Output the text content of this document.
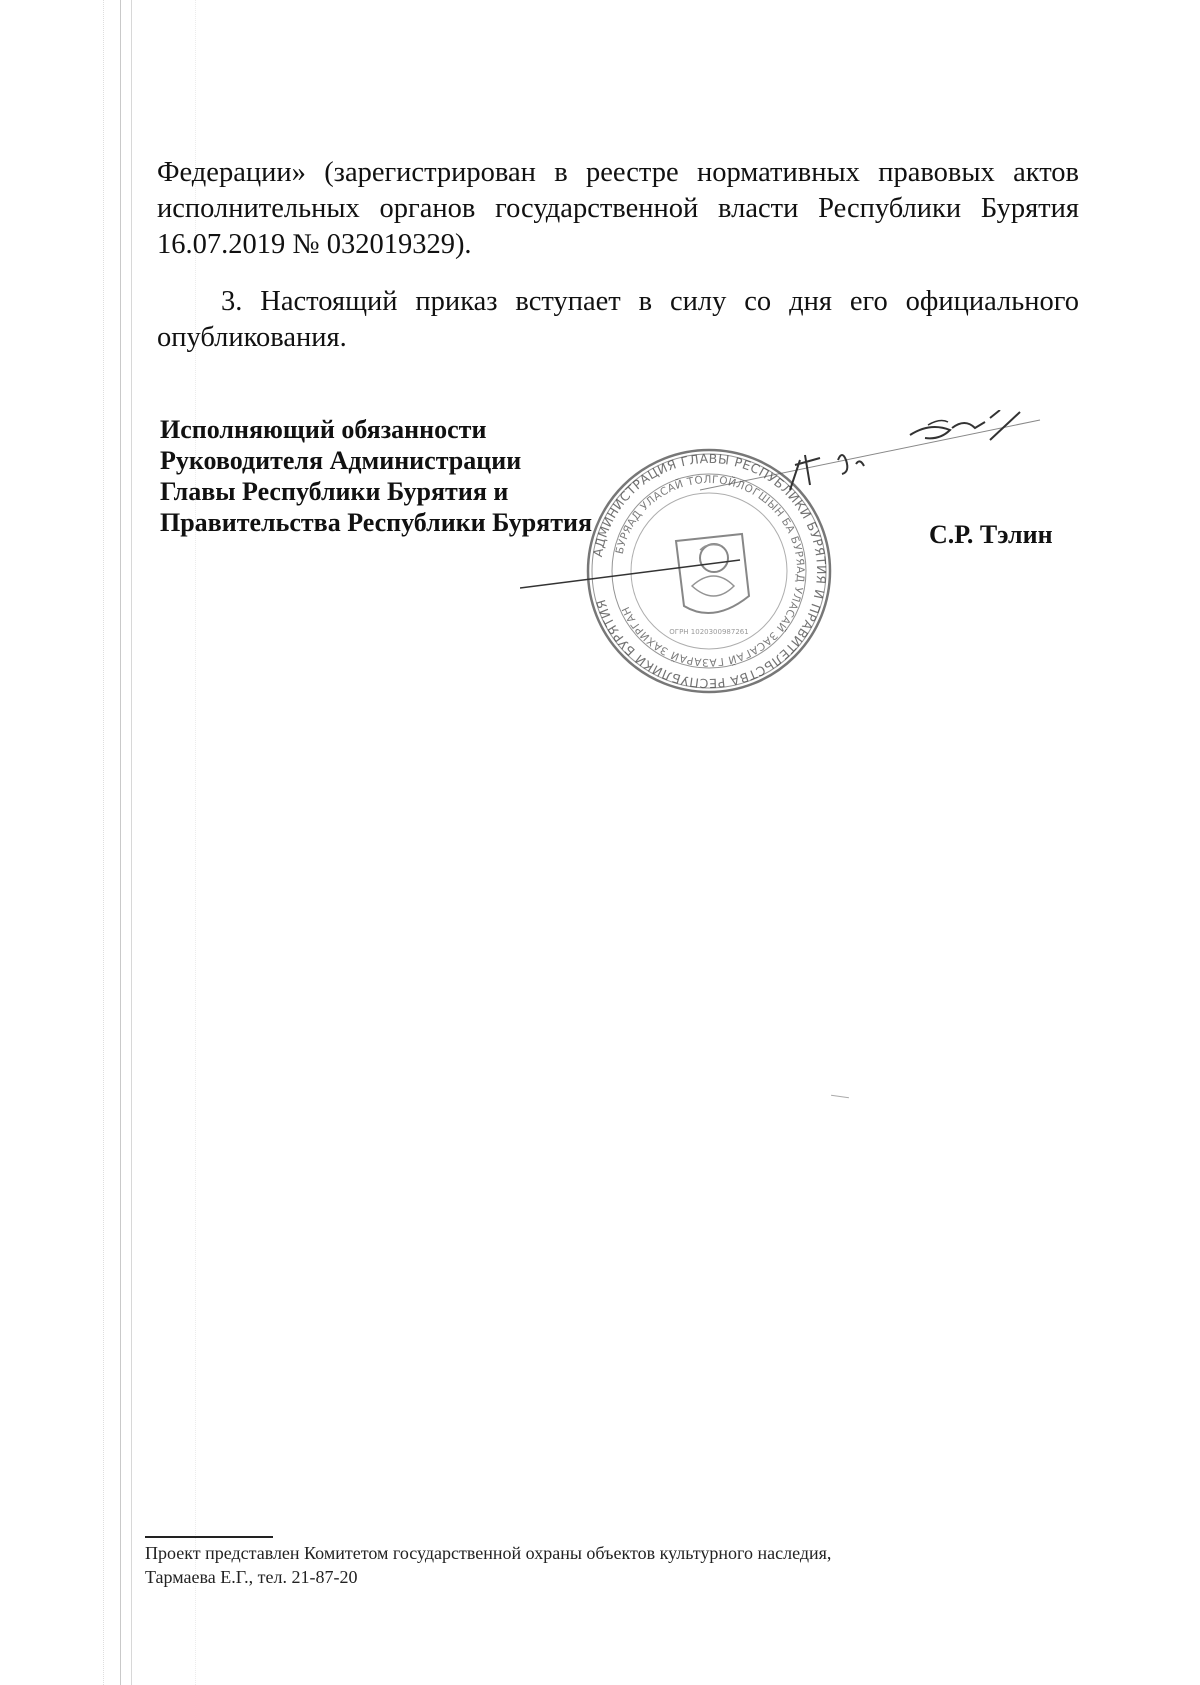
Федерации» (зарегистрирован в реестре нормативных правовых актов исполнительных органов государственной власти Республики Бурятия 16.07.2019 № 032019329).

3. Настоящий приказ вступает в силу со дня его официального опубликования.

АДМИНИСТРАЦИЯ ГЛАВЫ РЕСПУБЛИКИ БУРЯТИЯ И ПРАВИТЕЛЬСТВА РЕСПУБЛИКИ БУРЯТИЯ
БУРЯАД УЛАСАЙ ТОЛГОЙЛОГШЫН БА БУРЯАД УЛАСАЙ ЗАСАГАЙ ГАЗАРАЙ ЗАХИРГАН
ОГРН 1020300987261
Исполняющий обязанности
Руководителя Администрации
Главы Республики Бурятия и
Правительства Республики Бурятия	С.Р. Тэлин
Проект представлен Комитетом государственной охраны объектов культурного наследия,
Тармаева Е.Г., тел. 21-87-20
